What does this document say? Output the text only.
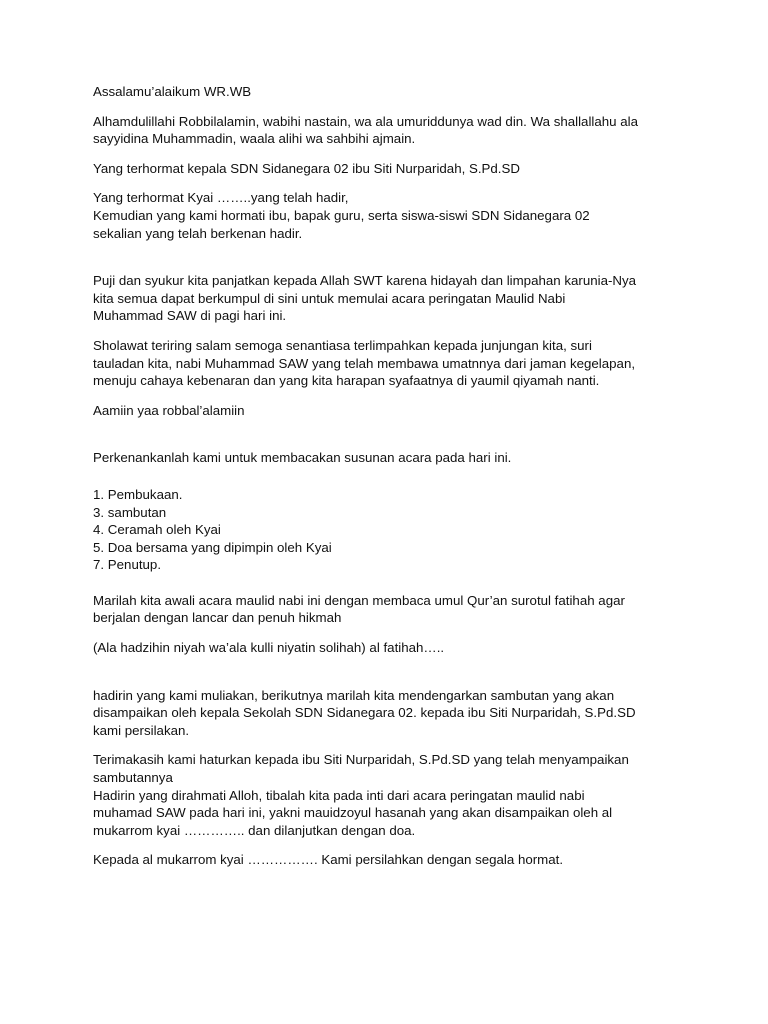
Assalamu’alaikum WR.WB

Alhamdulillahi Robbilalamin, wabihi nastain, wa ala umuriddunya wad din. Wa shallallahu ala
sayyidina Muhammadin, waala alihi wa sahbihi ajmain.

Yang terhormat kepala SDN Sidanegara 02 ibu Siti Nurparidah, S.Pd.SD

Yang terhormat Kyai ……..yang telah hadir,
Kemudian yang kami hormati ibu, bapak guru, serta siswa-siswi SDN Sidanegara 02
sekalian yang telah berkenan hadir.

Puji dan syukur kita panjatkan kepada Allah SWT karena hidayah dan limpahan karunia-Nya
kita semua dapat berkumpul di sini untuk memulai acara peringatan Maulid Nabi
Muhammad SAW di pagi hari ini.

Sholawat teriring salam semoga senantiasa terlimpahkan kepada junjungan kita, suri
tauladan kita, nabi Muhammad SAW yang telah membawa umatnnya dari jaman kegelapan,
menuju cahaya kebenaran dan yang kita harapan syafaatnya di yaumil qiyamah nanti.

Aamiin yaa robbal’alamiin

Perkenankanlah kami untuk membacakan susunan acara pada hari ini.

1. Pembukaan.
3. sambutan
4. Ceramah oleh Kyai
5. Doa bersama yang dipimpin oleh Kyai
7. Penutup.

Marilah kita awali acara maulid nabi ini dengan membaca umul Qur’an surotul fatihah agar
berjalan dengan lancar dan penuh hikmah

(Ala hadzihin niyah wa’ala kulli niyatin solihah) al fatihah…..

hadirin yang kami muliakan, berikutnya marilah kita mendengarkan sambutan yang akan
disampaikan oleh kepala Sekolah SDN Sidanegara 02. kepada ibu Siti Nurparidah, S.Pd.SD
kami persilakan.

Terimakasih kami haturkan kepada ibu Siti Nurparidah, S.Pd.SD yang telah menyampaikan
sambutannya
Hadirin yang dirahmati Alloh, tibalah kita pada inti dari acara peringatan maulid nabi
muhamad SAW pada hari ini, yakni mauidzoyul hasanah yang akan disampaikan oleh al
mukarrom kyai ………….. dan dilanjutkan dengan doa.

Kepada al mukarrom kyai ……………. Kami persilahkan dengan segala hormat.
